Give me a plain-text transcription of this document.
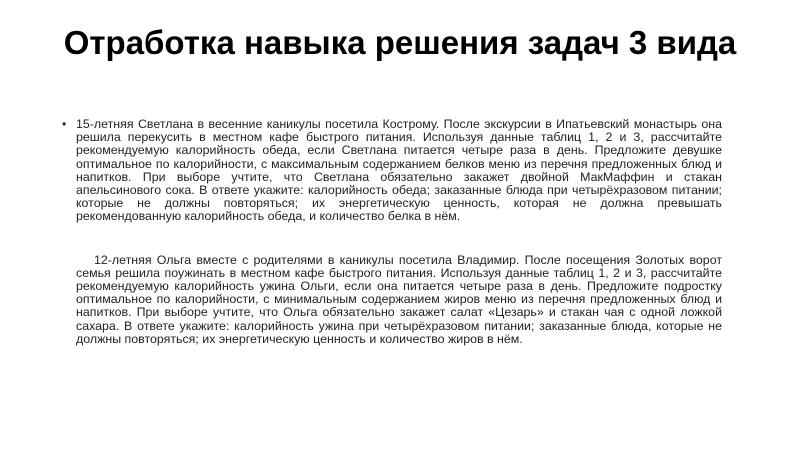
Отработка навыка решения задач 3 вида
• 15-летняя Светлана в весенние каникулы посетила Кострому. После экскурсии в Ипатьевский монастырь она решила перекусить в местном кафе быстрого питания. Используя данные таблиц 1, 2 и 3, рассчитайте рекомендуемую калорийность обеда, если Светлана питается четыре раза в день. Предложите девушке оптимальное по калорийности, с максимальным содержанием белков меню из перечня предложенных блюд и напитков. При выборе учтите, что Светлана обязательно закажет двойной МакМаффин и стакан апельсинового сока. В ответе укажите: калорийность обеда; заказанные блюда при четырёхразовом питании; которые не должны повторяться; их энергетическую ценность, которая не должна превышать рекомендованную калорийность обеда, и количество белка в нём.
12-летняя Ольга вместе с родителями в каникулы посетила Владимир. После посещения Золотых ворот семья решила поужинать в местном кафе быстрого питания. Используя данные таблиц 1, 2 и 3, рассчитайте рекомендуемую калорийность ужина Ольги, если она питается четыре раза в день. Предложите подростку оптимальное по калорийности, с минимальным содержанием жиров меню из перечня предложенных блюд и напитков. При выборе учтите, что Ольга обязательно закажет салат «Цезарь» и стакан чая с одной ложкой сахара. В ответе укажите: калорийность ужина при четырёхразовом питании; заказанные блюда, которые не должны повторяться; их энергетическую ценность и количество жиров в нём.
